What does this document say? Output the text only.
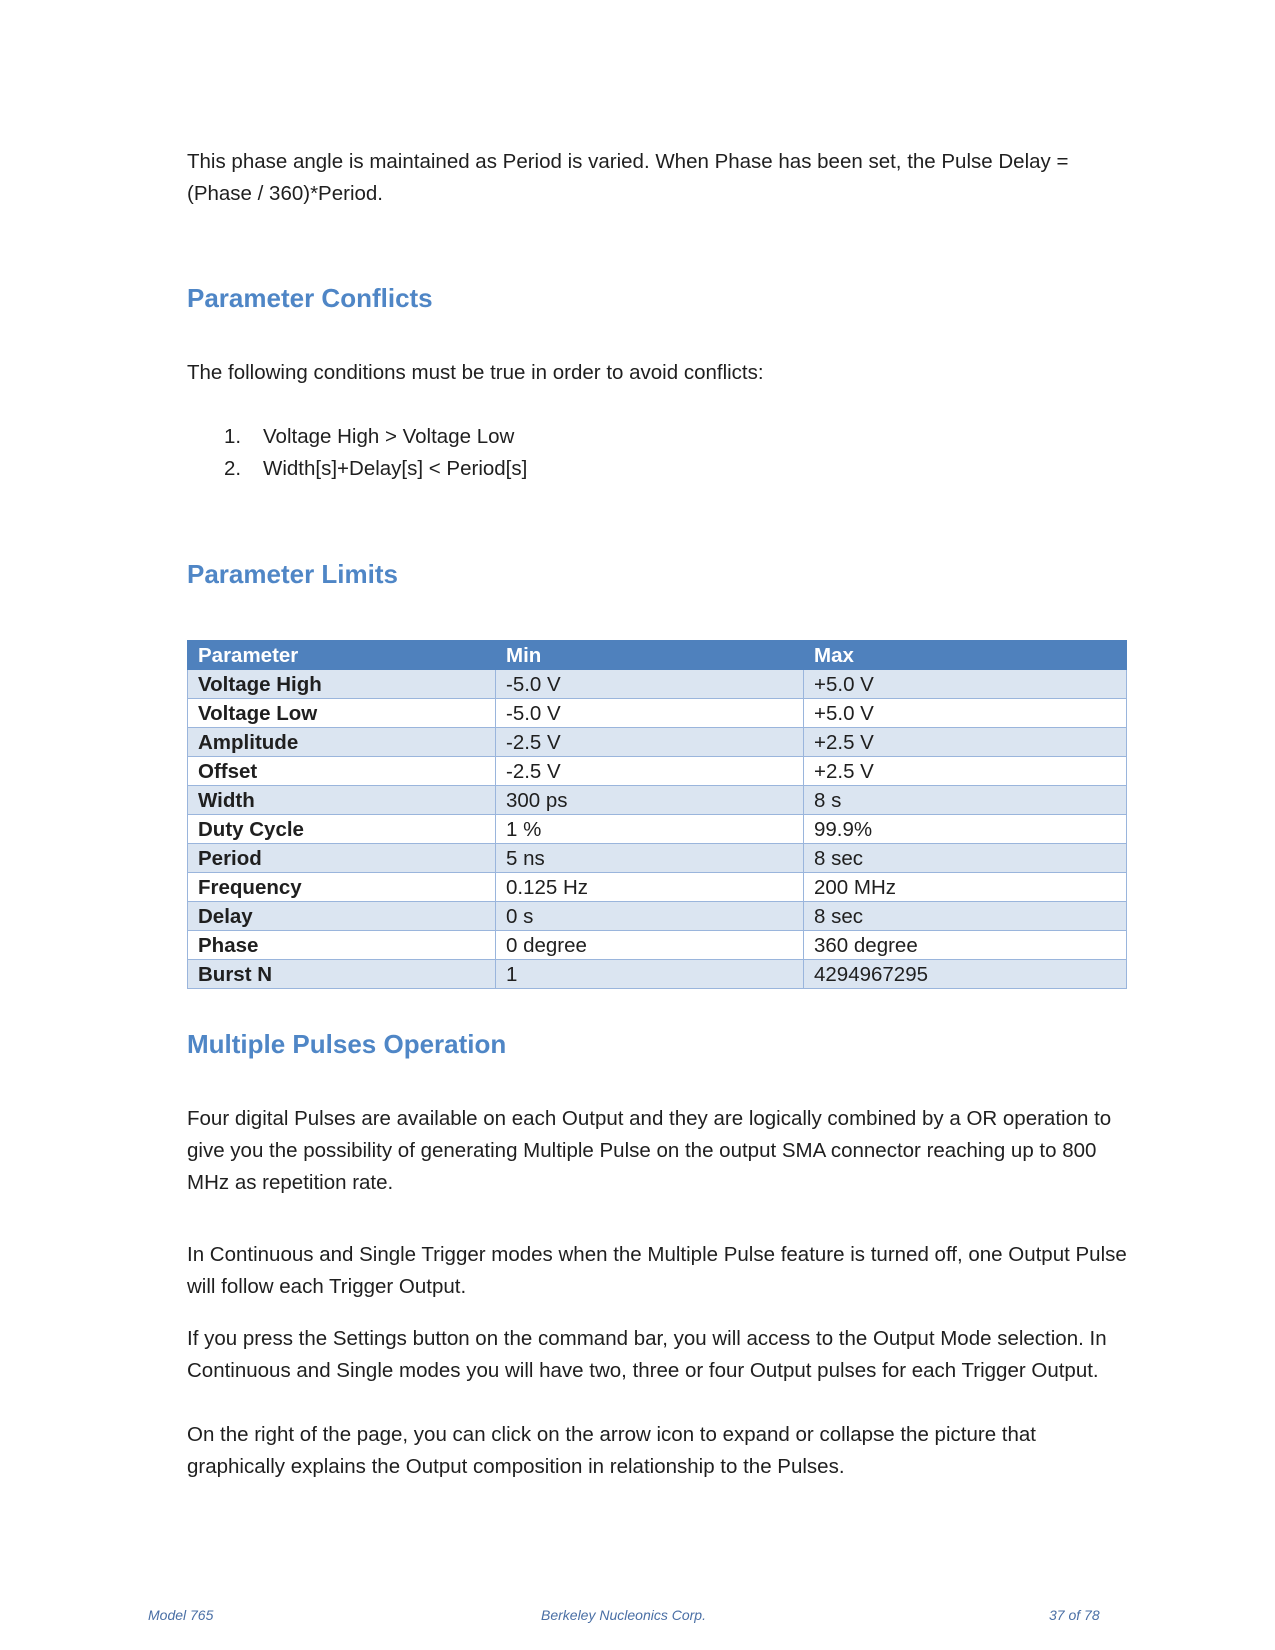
This phase angle is maintained as Period is varied. When Phase has been set, the Pulse Delay = (Phase / 360)*Period.

Parameter Conflicts

The following conditions must be true in order to avoid conflicts:

1. Voltage High > Voltage Low
2. Width[s]+Delay[s] < Period[s]
Parameter Limits
Parameter	Min	Max
Voltage High	-5.0 V	+5.0 V
Voltage Low	-5.0 V	+5.0 V
Amplitude	-2.5 V	+2.5 V
Offset	-2.5 V	+2.5 V
Width	300 ps	8 s
Duty Cycle	1 %	99.9%
Period	5 ns	8 sec
Frequency	0.125 Hz	200 MHz
Delay	0 s	8 sec
Phase	0 degree	360 degree
Burst N	1	4294967295
Multiple Pulses Operation

Four digital Pulses are available on each Output and they are logically combined by a OR operation to give you the possibility of generating Multiple Pulse on the output SMA connector reaching up to 800 MHz as repetition rate.

In Continuous and Single Trigger modes when the Multiple Pulse feature is turned off, one Output Pulse will follow each Trigger Output.

If you press the Settings button on the command bar, you will access to the Output Mode selection. In Continuous and Single modes you will have two, three or four Output pulses for each Trigger Output.

On the right of the page, you can click on the arrow icon to expand or collapse the picture that graphically explains the Output composition in relationship to the Pulses.

Model 765	Berkeley Nucleonics Corp.	37 of 78
